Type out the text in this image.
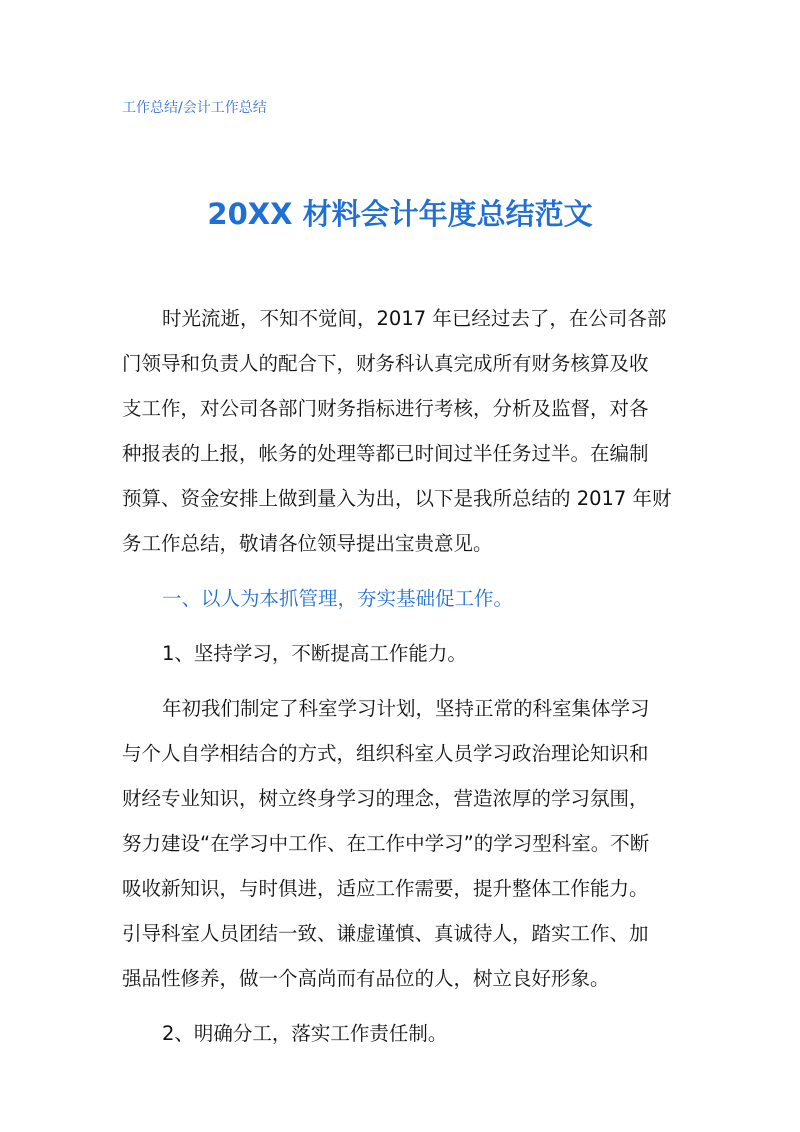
工作总结/会计工作总结
20XX 材料会计年度总结范文
时光流逝，不知不觉间，2017 年已经过去了，在公司各部
门领导和负责人的配合下，财务科认真完成所有财务核算及收
支工作，对公司各部门财务指标进行考核，分析及监督，对各
种报表的上报，帐务的处理等都已时间过半任务过半。在编制
预算、资金安排上做到量入为出，以下是我所总结的 2017 年财
务工作总结，敬请各位领导提出宝贵意见。
一、以人为本抓管理，夯实基础促工作。
1、坚持学习，不断提高工作能力。
年初我们制定了科室学习计划，坚持正常的科室集体学习
与个人自学相结合的方式，组织科室人员学习政治理论知识和
财经专业知识，树立终身学习的理念，营造浓厚的学习氛围，
努力建设“在学习中工作、在工作中学习”的学习型科室。不断
吸收新知识，与时俱进，适应工作需要，提升整体工作能力。
引导科室人员团结一致、谦虚谨慎、真诚待人，踏实工作、加
强品性修养，做一个高尚而有品位的人，树立良好形象。
2、明确分工，落实工作责任制。
